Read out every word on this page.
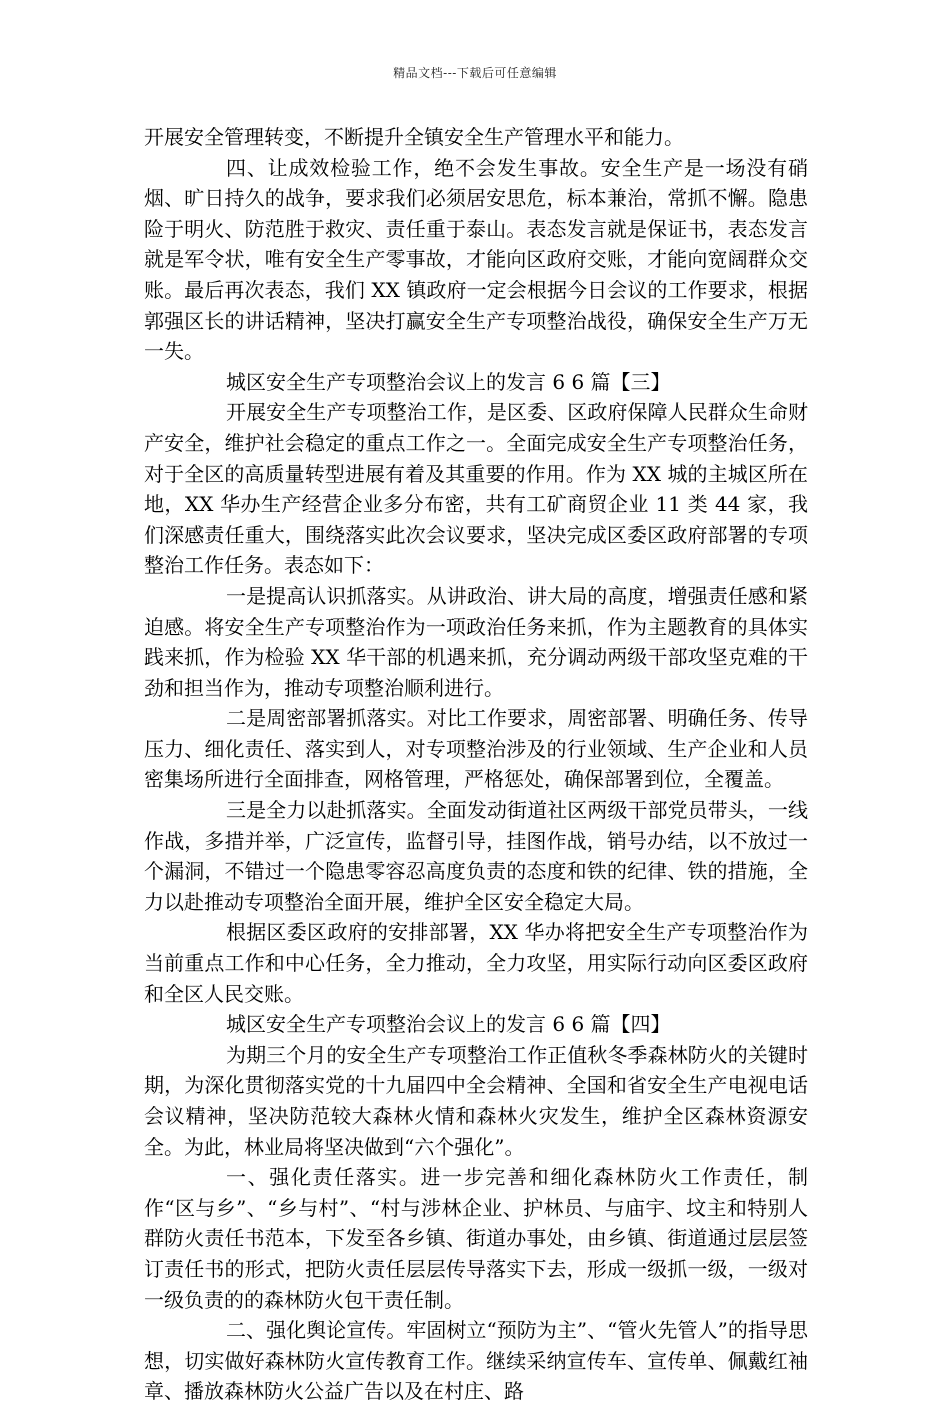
精品文档---下载后可任意编辑

开展安全管理转变，不断提升全镇安全生产管理水平和能力。

四、让成效检验工作，绝不会发生事故。安全生产是一场没有硝烟、旷日持久的战争，要求我们必须居安思危，标本兼治，常抓不懈。隐患险于明火、防范胜于救灾、责任重于泰山。表态发言就是保证书，表态发言就是军令状，唯有安全生产零事故，才能向区政府交账，才能向宽阔群众交账。最后再次表态，我们 XX 镇政府一定会根据今日会议的工作要求，根据郭强区长的讲话精神，坚决打赢安全生产专项整治战役，确保安全生产万无一失。

城区安全生产专项整治会议上的发言 6 6 篇【三】

开展安全生产专项整治工作，是区委、区政府保障人民群众生命财产安全，维护社会稳定的重点工作之一。全面完成安全生产专项整治任务，对于全区的高质量转型进展有着及其重要的作用。作为 XX 城的主城区所在地，XX 华办生产经营企业多分布密，共有工矿商贸企业 11 类 44 家，我们深感责任重大，围绕落实此次会议要求，坚决完成区委区政府部署的专项整治工作任务。表态如下：

一是提高认识抓落实。从讲政治、讲大局的高度，增强责任感和紧迫感。将安全生产专项整治作为一项政治任务来抓，作为主题教育的具体实践来抓，作为检验 XX 华干部的机遇来抓，充分调动两级干部攻坚克难的干劲和担当作为，推动专项整治顺利进行。

二是周密部署抓落实。对比工作要求，周密部署、明确任务、传导压力、细化责任、落实到人，对专项整治涉及的行业领域、生产企业和人员密集场所进行全面排查，网格管理，严格惩处，确保部署到位，全覆盖。

三是全力以赴抓落实。全面发动街道社区两级干部党员带头，一线作战，多措并举，广泛宣传，监督引导，挂图作战，销号办结，以不放过一个漏洞，不错过一个隐患零容忍高度负责的态度和铁的纪律、铁的措施，全力以赴推动专项整治全面开展，维护全区安全稳定大局。

根据区委区政府的安排部署，XX 华办将把安全生产专项整治作为当前重点工作和中心任务，全力推动，全力攻坚，用实际行动向区委区政府和全区人民交账。

城区安全生产专项整治会议上的发言 6 6 篇【四】

为期三个月的安全生产专项整治工作正值秋冬季森林防火的关键时期，为深化贯彻落实党的十九届四中全会精神、全国和省安全生产电视电话会议精神，坚决防范较大森林火情和森林火灾发生，维护全区森林资源安全。为此，林业局将坚决做到“六个强化”。

一、强化责任落实。进一步完善和细化森林防火工作责任，制作“区与乡”、“乡与村”、“村与涉林企业、护林员、与庙宇、坟主和特别人群防火责任书范本，下发至各乡镇、街道办事处，由乡镇、街道通过层层签订责任书的形式，把防火责任层层传导落实下去，形成一级抓一级，一级对一级负责的的森林防火包干责任制。

二、强化舆论宣传。牢固树立“预防为主”、“管火先管人”的指导思想，切实做好森林防火宣传教育工作。继续采纳宣传车、宣传单、佩戴红袖章、播放森林防火公益广告以及在村庄、路
